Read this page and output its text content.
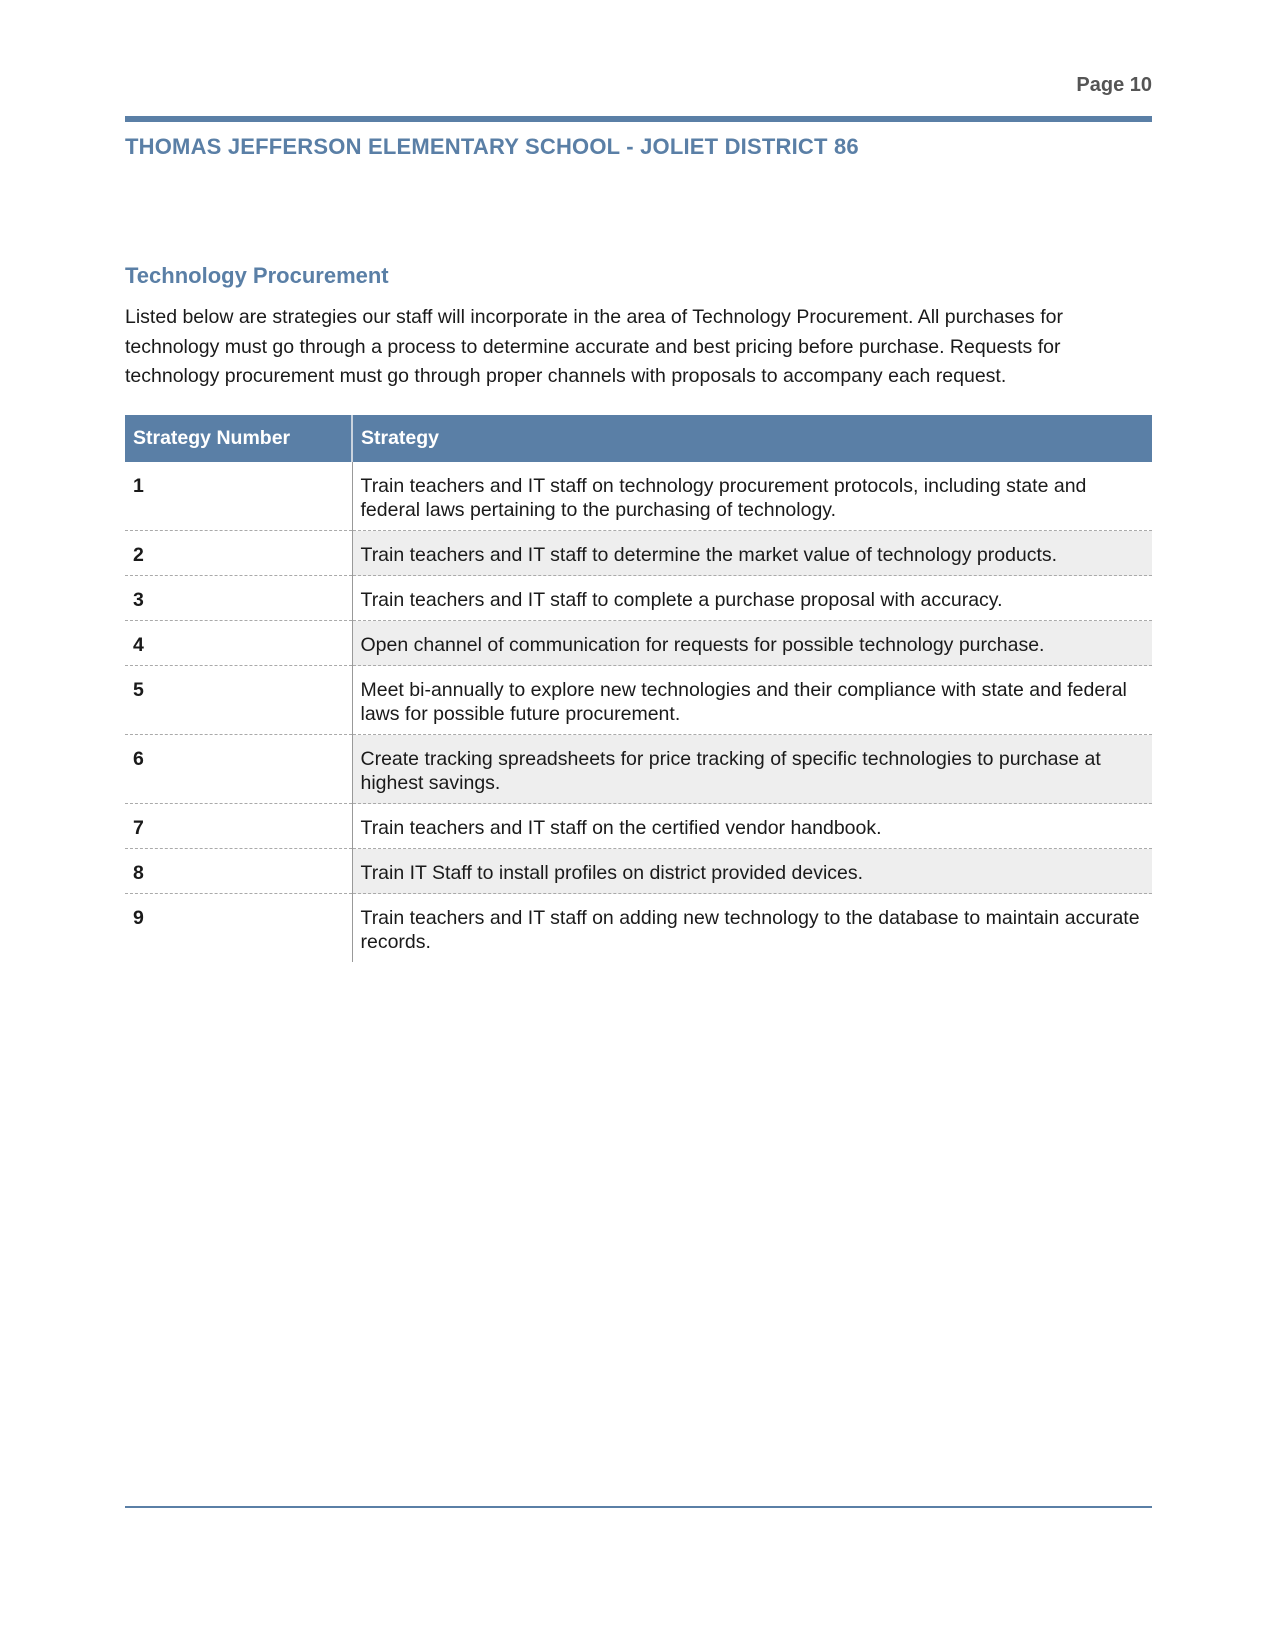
Page 10
THOMAS JEFFERSON ELEMENTARY SCHOOL - JOLIET DISTRICT 86
Technology Procurement
Listed below are strategies our staff will incorporate in the area of Technology Procurement. All purchases for technology must go through a process to determine accurate and best pricing before purchase. Requests for technology procurement must go through proper channels with proposals to accompany each request.
Strategy Number	Strategy
1	Train teachers and IT staff on technology procurement protocols, including state and federal laws pertaining to the purchasing of technology.
2	Train teachers and IT staff to determine the market value of technology products.
3	Train teachers and IT staff to complete a purchase proposal with accuracy.
4	Open channel of communication for requests for possible technology purchase.
5	Meet bi-annually to explore new technologies and their compliance with state and federal laws for possible future procurement.
6	Create tracking spreadsheets for price tracking of specific technologies to purchase at highest savings.
7	Train teachers and IT staff on the certified vendor handbook.
8	Train IT Staff to install profiles on district provided devices.
9	Train teachers and IT staff on adding new technology to the database to maintain accurate records.
